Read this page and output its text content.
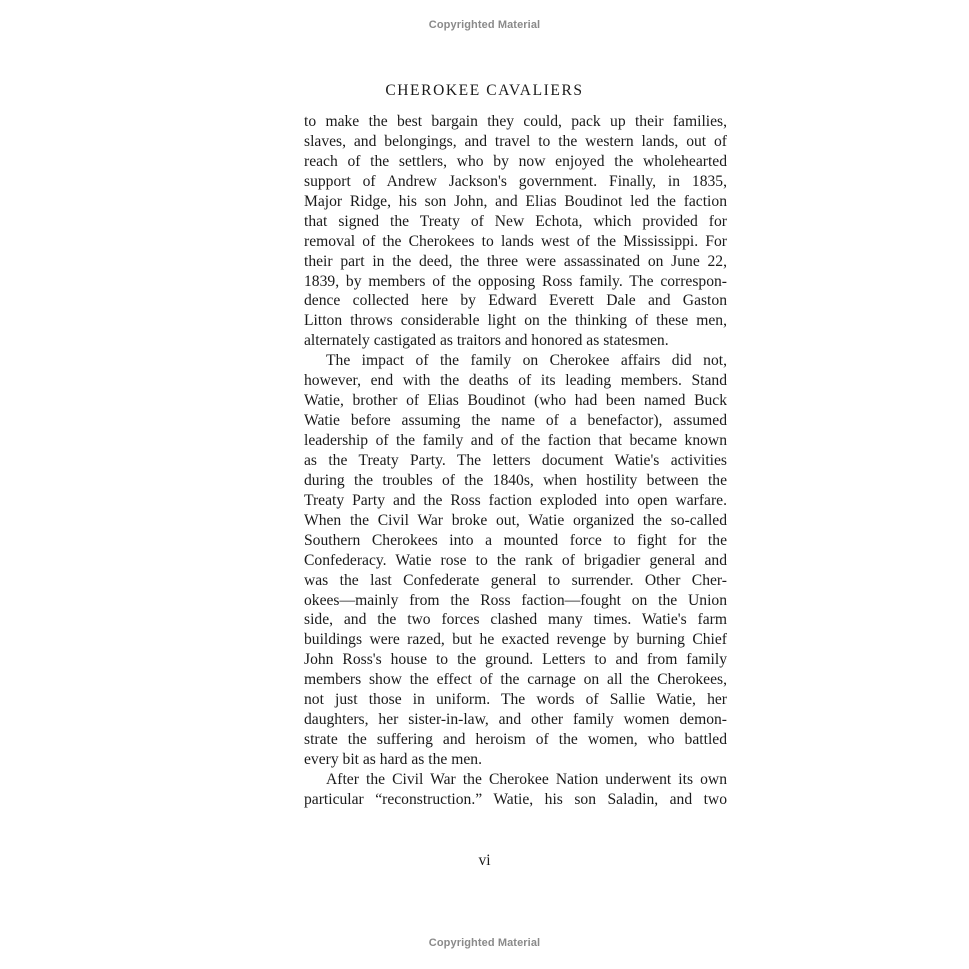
Copyrighted Material
CHEROKEE CAVALIERS

to make the best bargain they could, pack up their families,
slaves, and belongings, and travel to the western lands, out of
reach of the settlers, who by now enjoyed the wholehearted
support of Andrew Jackson's government. Finally, in 1835,
Major Ridge, his son John, and Elias Boudinot led the faction
that signed the Treaty of New Echota, which provided for
removal of the Cherokees to lands west of the Mississippi. For
their part in the deed, the three were assassinated on June 22,
1839, by members of the opposing Ross family. The correspon-
dence collected here by Edward Everett Dale and Gaston
Litton throws considerable light on the thinking of these men,
alternately castigated as traitors and honored as statesmen.

The impact of the family on Cherokee affairs did not,
however, end with the deaths of its leading members. Stand
Watie, brother of Elias Boudinot (who had been named Buck
Watie before assuming the name of a benefactor), assumed
leadership of the family and of the faction that became known
as the Treaty Party. The letters document Watie's activities
during the troubles of the 1840s, when hostility between the
Treaty Party and the Ross faction exploded into open warfare.
When the Civil War broke out, Watie organized the so-called
Southern Cherokees into a mounted force to fight for the
Confederacy. Watie rose to the rank of brigadier general and
was the last Confederate general to surrender. Other Cher-
okees—mainly from the Ross faction—fought on the Union
side, and the two forces clashed many times. Watie's farm
buildings were razed, but he exacted revenge by burning Chief
John Ross's house to the ground. Letters to and from family
members show the effect of the carnage on all the Cherokees,
not just those in uniform. The words of Sallie Watie, her
daughters, her sister-in-law, and other family women demon-
strate the suffering and heroism of the women, who battled
every bit as hard as the men.

After the Civil War the Cherokee Nation underwent its own
particular “reconstruction.” Watie, his son Saladin, and two

vi
Copyrighted Material
